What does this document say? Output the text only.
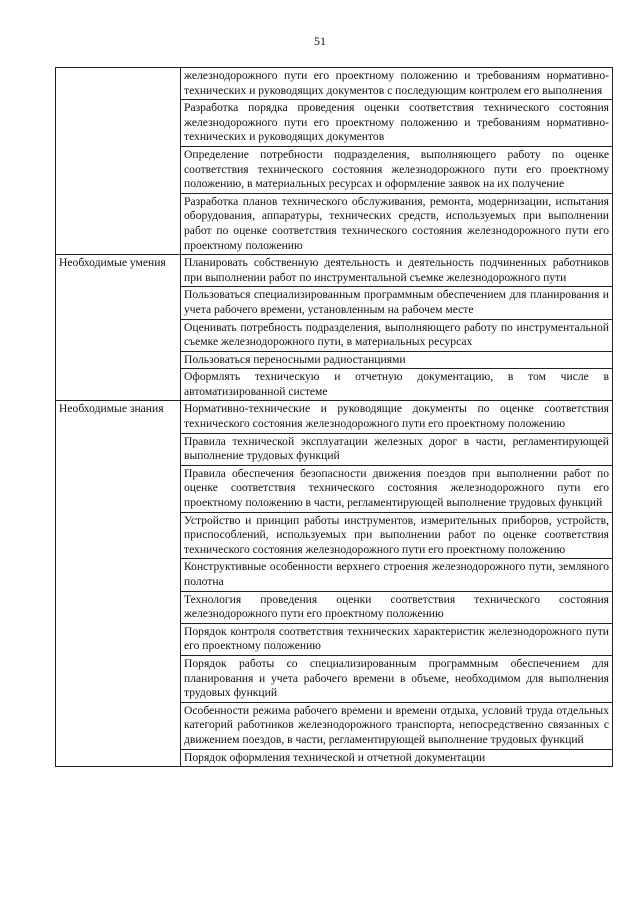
51
	железнодорожного пути его проектному положению и требованиям нормативно-технических и руководящих документов с последующим контролем его выполнения
	Разработка порядка проведения оценки соответствия технического состояния железнодорожного пути его проектному положению и требованиям нормативно-технических и руководящих документов
	Определение потребности подразделения, выполняющего работу по оценке соответствия технического состояния железнодорожного пути его проектному положению, в материальных ресурсах и оформление заявок на их получение
	Разработка планов технического обслуживания, ремонта, модернизации, испытания оборудования, аппаратуры, технических средств, используемых при выполнении работ по оценке соответствия технического состояния железнодорожного пути его проектному положению

Необходимые умения	Планировать собственную деятельность и деятельность подчиненных работников при выполнении работ по инструментальной съемке железнодорожного пути
	Пользоваться специализированным программным обеспечением для планирования и учета рабочего времени, установленным на рабочем месте
	Оценивать потребность подразделения, выполняющего работу по инструментальной съемке железнодорожного пути, в материальных ресурсах
	Пользоваться переносными радиостанциями
	Оформлять техническую и отчетную документацию, в том числе в автоматизированной системе

Необходимые знания	Нормативно-технические и руководящие документы по оценке соответствия технического состояния железнодорожного пути его проектному положению
	Правила технической эксплуатации железных дорог в части, регламентирующей выполнение трудовых функций
	Правила обеспечения безопасности движения поездов при выполнении работ по оценке соответствия технического состояния железнодорожного пути его проектному положению в части, регламентирующей выполнение трудовых функций
	Устройство и принцип работы инструментов, измерительных приборов, устройств, приспособлений, используемых при выполнении работ по оценке соответствия технического состояния железнодорожного пути его проектному положению
	Конструктивные особенности верхнего строения железнодорожного пути, земляного полотна
	Технология проведения оценки соответствия технического состояния железнодорожного пути его проектному положению
	Порядок контроля соответствия технических характеристик железнодорожного пути его проектному положению
	Порядок работы со специализированным программным обеспечением для планирования и учета рабочего времени в объеме, необходимом для выполнения трудовых функций
	Особенности режима рабочего времени и времени отдыха, условий труда отдельных категорий работников железнодорожного транспорта, непосредственно связанных с движением поездов, в части, регламентирующей выполнение трудовых функций
	Порядок оформления технической и отчетной документации
